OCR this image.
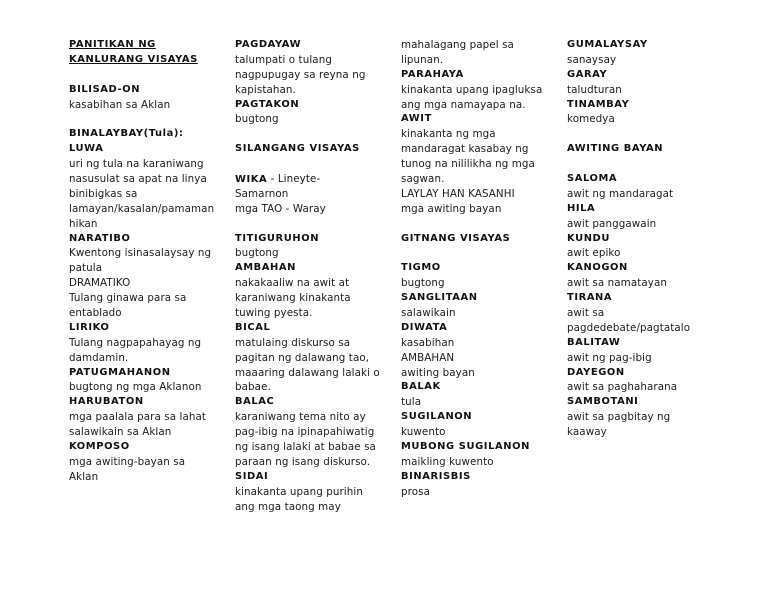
PANITIKAN NG
KANLURANG VISAYAS
BILISAD-ON
kasabihan sa Aklan
BINALAYBAY(Tula):
LUWA
uri ng tula na karaniwang
nasusulat sa apat na linya
binibigkas sa
lamayan/kasalan/pamaman
hikan
NARATIBO
Kwentong isinasalaysay ng
patula
DRAMATIKO
Tulang ginawa para sa
entablado
LIRIKO
Tulang nagpapahayag ng
damdamin.
PATUGMAHANON
bugtong ng mga Aklanon
HARUBATON
mga paalala para sa lahat
salawikain sa Aklan
KOMPOSO
mga awiting-bayan sa
Aklan
PAGDAYAW
talumpati o tulang
nagpupugay sa reyna ng
kapistahan.
PAGTAKON
bugtong
SILANGANG VISAYAS
WIKA - Lineyte-
Samarnon
mga TAO - Waray
TITIGURUHON
bugtong
AMBAHAN
nakakaaliw na awit at
karaniwang kinakanta
tuwing pyesta.
BICAL
matulaing diskurso sa
pagitan ng dalawang tao,
maaaring dalawang lalaki o
babae.
BALAC
karaniwang tema nito ay
pag-ibig na ipinapahiwatig
ng isang lalaki at babae sa
paraan ng isang diskurso.
SIDAI
kinakanta upang purihin
ang mga taong may
mahalagang papel sa
lipunan.
PARAHAYA
kinakanta upang ipagluksa
ang mga namayapa na.
AWIT
kinakanta ng mga
mandaragat kasabay ng
tunog na nililikha ng mga
sagwan.
LAYLAY HAN KASANHI
mga awiting bayan
GITNANG VISAYAS
TIGMO
bugtong
SANGLITAAN
salawikain
DIWATA
kasabihan
AMBAHAN
awiting bayan
BALAK
tula
SUGILANON
kuwento
MUBONG SUGILANON
maikling kuwento
BINARISBIS
prosa
GUMALAYSAY
sanaysay
GARAY
taludturan
TINAMBAY
komedya
AWITING BAYAN
SALOMA
awit ng mandaragat
HILA
awit panggawain
KUNDU
awit epiko
KANOGON
awit sa namatayan
TIRANA
awit sa
pagdedebate/pagtatalo
BALITAW
awit ng pag-ibig
DAYEGON
awit sa paghaharana
SAMBOTANI
awit sa pagbitay ng
kaaway
